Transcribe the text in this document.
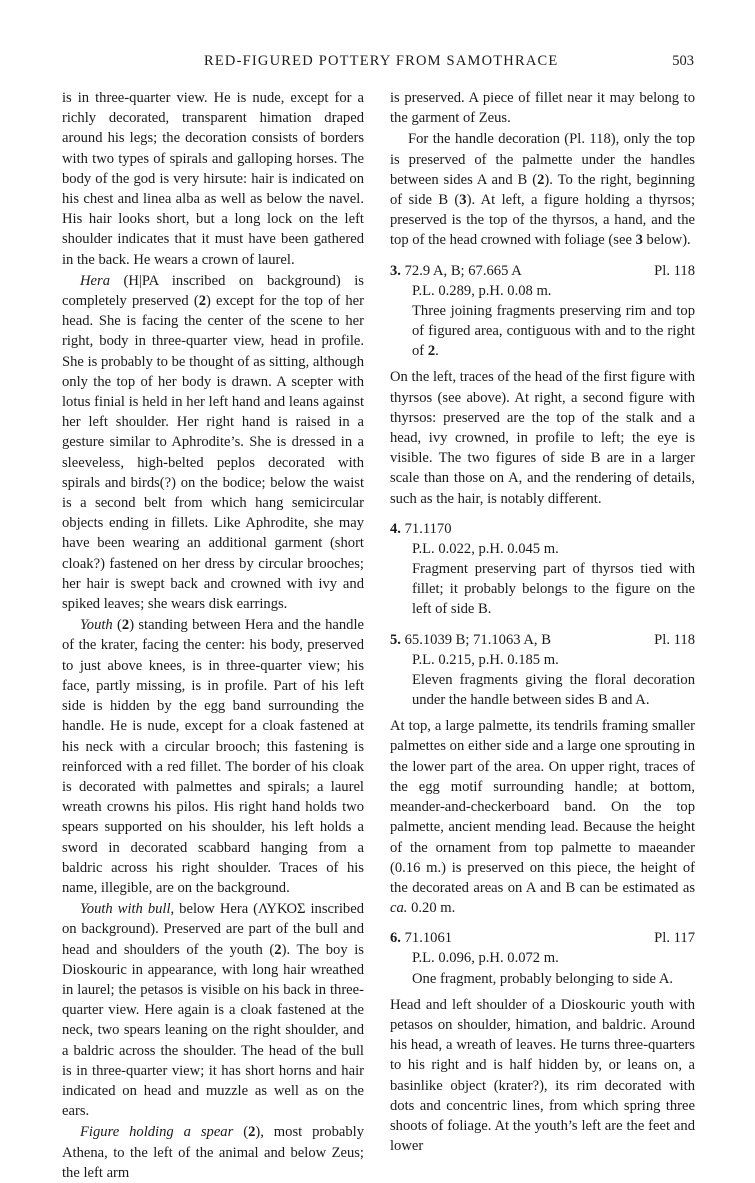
RED-FIGURED POTTERY FROM SAMOTHRACE	503

is in three-quarter view. He is nude, except for a richly decorated, transparent himation draped around his legs; the decoration consists of borders with two types of spirals and galloping horses. The body of the god is very hirsute: hair is indicated on his chest and linea alba as well as below the navel. His hair looks short, but a long lock on the left shoulder indicates that it must have been gathered in the back. He wears a crown of laurel.

Hera (Η|ΡΑ inscribed on background) is completely preserved (2) except for the top of her head. She is facing the center of the scene to her right, body in three-quarter view, head in profile. She is probably to be thought of as sitting, although only the top of her body is drawn. A scepter with lotus finial is held in her left hand and leans against her left shoulder. Her right hand is raised in a gesture similar to Aphrodite’s. She is dressed in a sleeveless, high-belted peplos decorated with spirals and birds(?) on the bodice; below the waist is a second belt from which hang semicircular objects ending in fillets. Like Aphrodite, she may have been wearing an additional garment (short cloak?) fastened on her dress by circular brooches; her hair is swept back and crowned with ivy and spiked leaves; she wears disk earrings.

Youth (2) standing between Hera and the handle of the krater, facing the center: his body, preserved to just above knees, is in three-quarter view; his face, partly missing, is in profile. Part of his left side is hidden by the egg band surrounding the handle. He is nude, except for a cloak fastened at his neck with a circular brooch; this fastening is reinforced with a red fillet. The border of his cloak is decorated with palmettes and spirals; a laurel wreath crowns his pilos. His right hand holds two spears supported on his shoulder, his left holds a sword in decorated scabbard hanging from a baldric across his right shoulder. Traces of his name, illegible, are on the background.

Youth with bull, below Hera (ΛΥΚΟΣ inscribed on background). Preserved are part of the bull and head and shoulders of the youth (2). The boy is Dioskouric in appearance, with long hair wreathed in laurel; the petasos is visible on his back in three-quarter view. Here again is a cloak fastened at the neck, two spears leaning on the right shoulder, and a baldric across the shoulder. The head of the bull is in three-quarter view; it has short horns and hair indicated on head and muzzle as well as on the ears.

Figure holding a spear (2), most probably Athena, to the left of the animal and below Zeus; the left arm

is preserved. A piece of fillet near it may belong to the garment of Zeus.

For the handle decoration (Pl. 118), only the top is preserved of the palmette under the handles between sides A and B (2). To the right, beginning of side B (3). At left, a figure holding a thyrsos; preserved is the top of the thyrsos, a hand, and the top of the head crowned with foliage (see 3 below).

3. 72.9 A, B; 67.665 A	Pl. 118

P.L. 0.289, p.H. 0.08 m.

Three joining fragments preserving rim and top of figured area, contiguous with and to the right of 2.

On the left, traces of the head of the first figure with thyrsos (see above). At right, a second figure with thyrsos: preserved are the top of the stalk and a head, ivy crowned, in profile to left; the eye is visible. The two figures of side B are in a larger scale than those on A, and the rendering of details, such as the hair, is notably different.

4. 71.1170

P.L. 0.022, p.H. 0.045 m.

Fragment preserving part of thyrsos tied with fillet; it probably belongs to the figure on the left of side B.

5. 65.1039 B; 71.1063 A, B	Pl. 118

P.L. 0.215, p.H. 0.185 m.

Eleven fragments giving the floral decoration under the handle between sides B and A.

At top, a large palmette, its tendrils framing smaller palmettes on either side and a large one sprouting in the lower part of the area. On upper right, traces of the egg motif surrounding handle; at bottom, meander-and-checkerboard band. On the top palmette, ancient mending lead. Because the height of the ornament from top palmette to maeander (0.16 m.) is preserved on this piece, the height of the decorated areas on A and B can be estimated as ca. 0.20 m.

6. 71.1061	Pl. 117

P.L. 0.096, p.H. 0.072 m.

One fragment, probably belonging to side A.

Head and left shoulder of a Dioskouric youth with petasos on shoulder, himation, and baldric. Around his head, a wreath of leaves. He turns three-quarters to his right and is half hidden by, or leans on, a basinlike object (krater?), its rim decorated with dots and concentric lines, from which spring three shoots of foliage. At the youth’s left are the feet and lower
